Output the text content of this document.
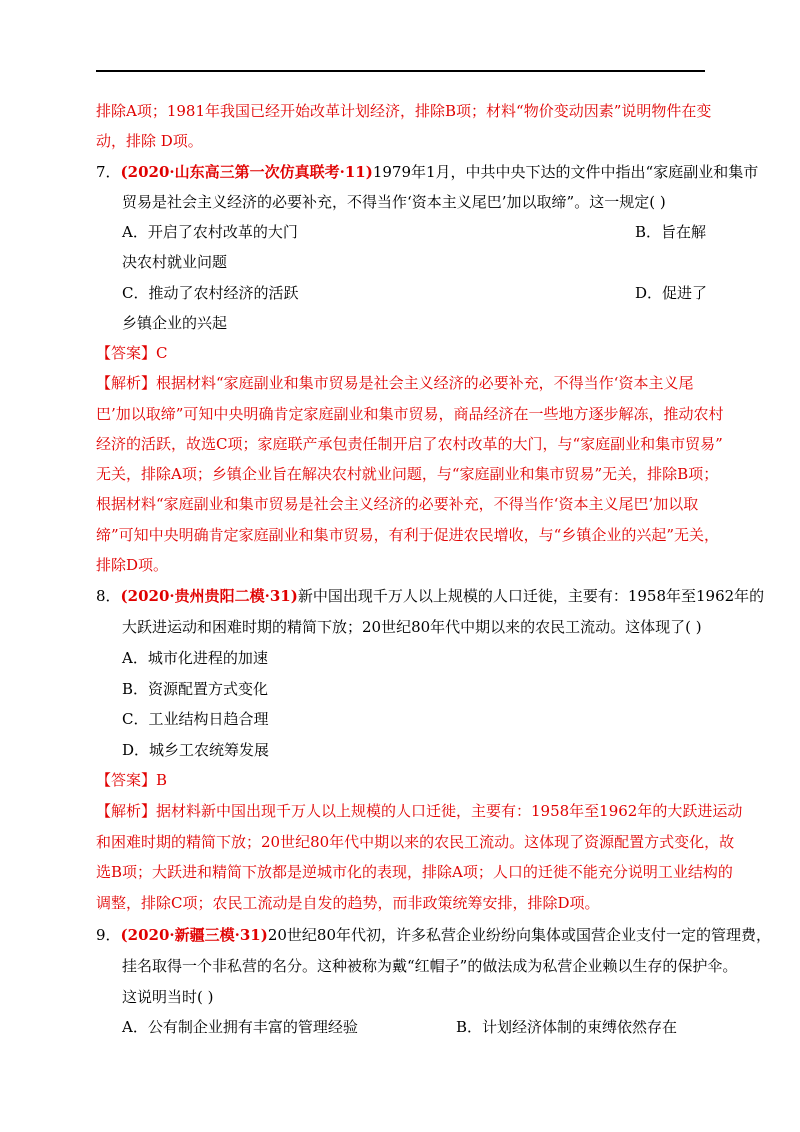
排除A项；1981年我国已经开始改革计划经济，排除B项；材料“物价变动因素”说明物件在变
动，排除 D项。
7．(2020·山东高三第一次仿真联考·11)1979年1月，中共中央下达的文件中指出“家庭副业和集市
贸易是社会主义经济的必要补充，不得当作‘资本主义尾巴’加以取缔”。这一规定( )
A．开启了农村改革的大门	B．旨在解
决农村就业问题
C．推动了农村经济的活跃	D．促进了
乡镇企业的兴起
【答案】C
【解析】根据材料“家庭副业和集市贸易是社会主义经济的必要补充，不得当作‘资本主义尾
巴’加以取缔”可知中央明确肯定家庭副业和集市贸易，商品经济在一些地方逐步解冻，推动农村
经济的活跃，故选C项；家庭联产承包责任制开启了农村改革的大门，与“家庭副业和集市贸易”
无关，排除A项；乡镇企业旨在解决农村就业问题，与“家庭副业和集市贸易”无关，排除B项；
根据材料“家庭副业和集市贸易是社会主义经济的必要补充，不得当作‘资本主义尾巴’加以取
缔”可知中央明确肯定家庭副业和集市贸易，有利于促进农民增收，与“乡镇企业的兴起”无关，
排除D项。
8．(2020·贵州贵阳二模·31)新中国出现千万人以上规模的人口迁徙，主要有：1958年至1962年的
大跃进运动和困难时期的精简下放；20世纪80年代中期以来的农民工流动。这体现了( )
A．城市化进程的加速
B．资源配置方式变化
C．工业结构日趋合理
D．城乡工农统筹发展
【答案】B
【解析】据材料新中国出现千万人以上规模的人口迁徙，主要有：1958年至1962年的大跃进运动
和困难时期的精简下放；20世纪80年代中期以来的农民工流动。这体现了资源配置方式变化，故
选B项；大跃进和精简下放都是逆城市化的表现，排除A项；人口的迁徙不能充分说明工业结构的
调整，排除C项；农民工流动是自发的趋势，而非政策统筹安排，排除D项。
9．(2020·新疆三模·31)20世纪80年代初，许多私营企业纷纷向集体或国营企业支付一定的管理费，
挂名取得一个非私营的名分。这种被称为戴“红帽子”的做法成为私营企业赖以生存的保护伞。
这说明当时( )
A．公有制企业拥有丰富的管理经验	B．计划经济体制的束缚依然存在
